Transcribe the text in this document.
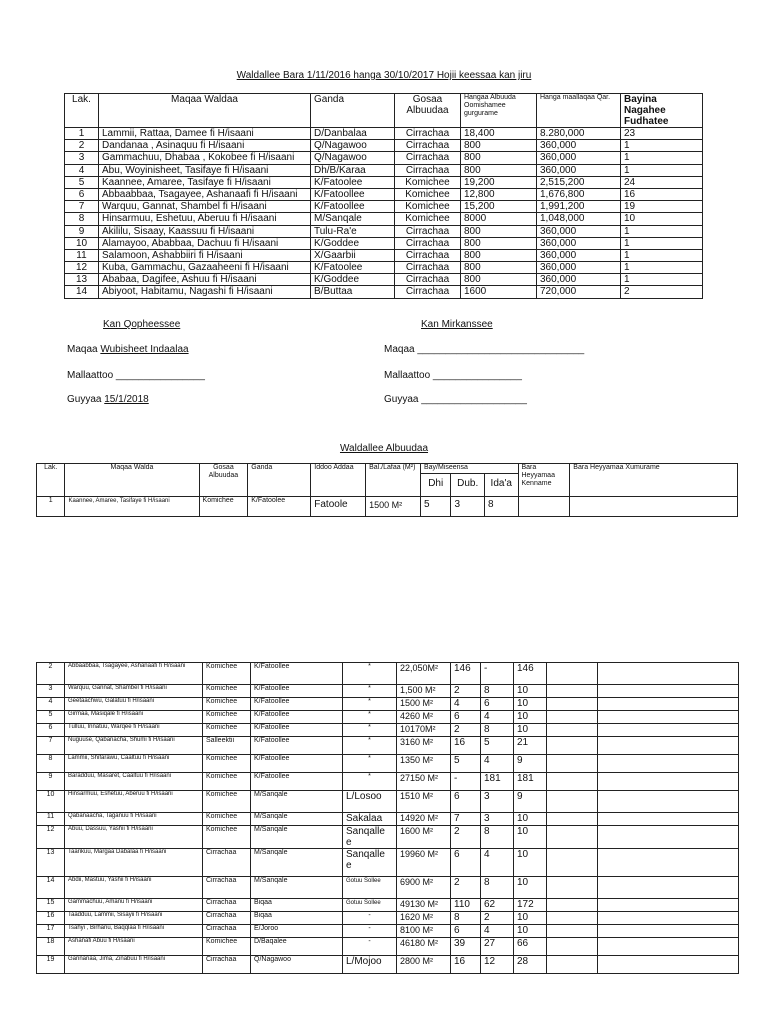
Waldallee Bara 1/11/2016 hanga 30/10/2017 Hojii keessaa kan jiru
Lak.	Maqaa Waldaa	Ganda	Gosaa Albuudaa	Hangaa Albuuda Oomishamee gurgurame	Hanga maallaqaa Qar.	Bayina Nagahee Fudhatee
1	Lammii, Rattaa, Damee fi H/isaani	D/Danbalaa	Cirrachaa	18,400	8.280,000	23
2	Dandanaa , Asinaquu fi H/isaani	Q/Nagawoo	Cirrachaa	800	360,000	1
3	Gammachuu, Dhabaa , Kokobee fi H/isaani	Q/Nagawoo	Cirrachaa	800	360,000	1
4	Abu, Woyinisheet, Tasifaye fi H/isaani	Dh/B/Karaa	Cirrachaa	800	360,000	1
5	Kaannee, Amaree, Tasifaye fi H/isaani	K/Fatoolee	Komichee	19,200	2,515,200	24
6	Abbaabbaa, Tsagayee, Ashanaafi fi H/isaani	K/Fatoollee	Komichee	12,800	1,676,800	16
7	Warquu, Gannat, Shambel fi H/isaani	K/Fatoollee	Komichee	15,200	1,991,200	19
8	Hinsarmuu, Eshetuu, Aberuu fi H/isaani	M/Sanqale	Komichee	8000	1,048,000	10
9	Akililu, Sisaay, Kaassuu fi H/isaani	Tulu-Ra'e	Cirrachaa	800	360,000	1
10	Alamayoo, Ababbaa, Dachuu fi H/isaani	K/Goddee	Cirrachaa	800	360,000	1
11	Salamoon, Ashabbiiri fi H/isaani	X/Gaarbii	Cirrachaa	800	360,000	1
12	Kuba, Gammachu, Gazaaheeni fi H/isaani	K/Fatoolee	Cirrachaa	800	360,000	1
13	Ababaa, Dagifee, Ashuu fi H/isaani	K/Goddee	Cirrachaa	800	360,000	1
14	Abiyoot, Habitamu, Nagashi fi H/isaani	B/Buttaa	Cirrachaa	1600	720,000	2
Kan Qopheessee	Kan Mirkanssee
Maqaa Wubisheet Indaalaa	Maqaa ______________________________
Mallaattoo ________________	Mallaattoo ________________
Guyyaa 15/1/2018	Guyyaa ___________________
Waldallee Albuudaa
Lak.	Maqaa Walda	Gosaa Albuudaa	Ganda	Iddoo Addaa	Bal./Lafaa (M²)	Bay/Miseensa			Bara Heyyamaa Kenname	Bara Heyyamaa Xumurame
						Dhi	Dub.	Ida'a		
1	Kaannee, Amaree, Tasifaye fi H/isaani	Komichee	K/Fatoolee	Fatoole	1500 M²	5	3	8		
2	Abbaabbaa, Tsagayee, Ashanaafi fi H/isaani	Komichee	K/Fatoollee	*	22,050M²	146	-	146		
3	Warquu, Gannat, Shambel fi H/isaani	Komichee	K/Fatoollee	*	1,500 M²	2	8	10		
4	Geetaachwu, Galatuu fi H/isaani	Komichee	K/Fatoollee	*	1500 M²	4	6	10		
5	Girmaa, Masiqale fi H/isaani	Komichee	K/Fatoollee	*	4260 M²	6	4	10		
6	Tulluu, Innatuu, Warqee fi H/isaani	Komichee	K/Fatoollee	*	10170M²	2	8	10		
7	Nuguuse, Qabanacha, Shumi fi H/isaani	Salleektii	K/Fatoollee	*	3160 M²	16	5	21		
8	Lammii, Shifarawu, Caaltuu fi H/isaani	Komichee	K/Fatoollee	*	1350 M²	5	4	9		
9	Baradduu, Masaret, Caaltuu fi H/isaani	Komichee	K/Fatoollee	*	27150 M²	-	181	181		
10	Hinsarmuu, Eshetuu, Aberuu fi H/isaani	Komichee	M/Sanqale	L/Losoo	1510 M²	6	3	9		
11	Qabanaacha, Taganuu fi H/isaani	Komichee	M/Sanqale	Sakalaa	14920 M²	7	3	10		
12	Abuu, Dassuu, Yashii fi H/isaani	Komichee	M/Sanqale	Sanqalle e	1600 M²	2	8	10		
13	Taarikuu, Margaa Dabalaa fi H/isaani	Cirrachaa	M/Sanqale	Sanqalle e	19960 M²	6	4	10		
14	Abdii, Mastuu, Yashii fi H/isaani	Cirrachaa	M/Sanqale	Gotuu Sollee	6900 M²	2	8	10		
15	Gammachuu, Amanu fi H/isaani	Cirrachaa	Biqaa	Gotuu Sollee	49130 M²	110	62	172		
16	Taadduu, Lammii, Sisayii fi H/isaani	Cirrachaa	Biqaa	-	1620 M²	8	2	10		
17	Tsahyi , Birhanu, Baqqlaa fi H/isaani	Cirrachaa	E/Joroo	-	8100 M²	6	4	10		
18	Ashanafi Abuu fi H/isaani	Komichee	D/Baqalee	-	46180 M²	39	27	66		
19	Gannanaa, Jima, Zinabuu fi H/isaani	Cirrachaa	Q/Nagawoo	L/Mojoo	2800 M²	16	12	28		
